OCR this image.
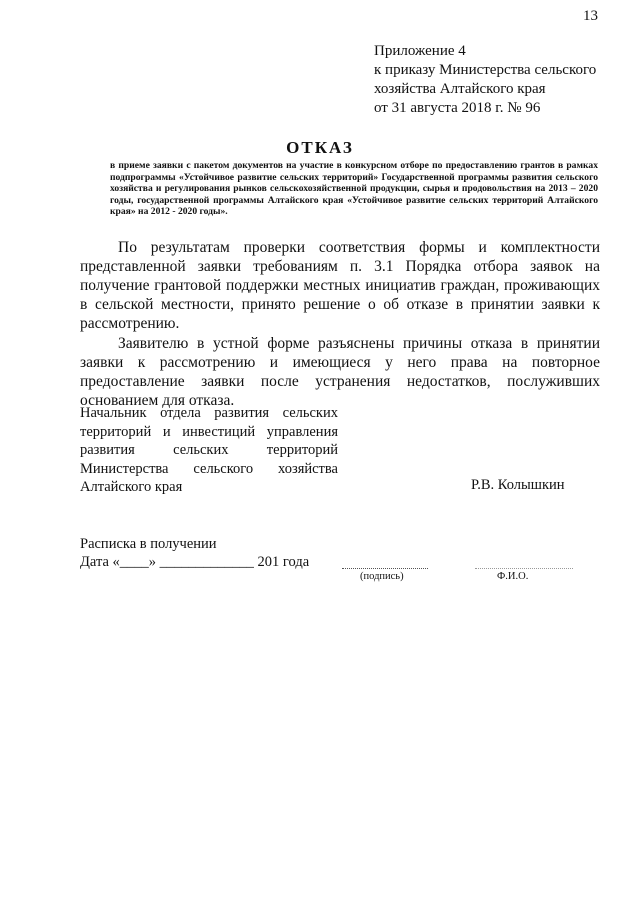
13
Приложение 4
к приказу Министерства сельского
хозяйства Алтайского края
от 31 августа 2018 г. № 96
ОТКАЗ
в приеме заявки с пакетом документов на участие в конкурсном отборе по предоставлению грантов в рамках подпрограммы «Устойчивое развитие сельских территорий» Государственной программы развития сельского хозяйства и регулирования рынков сельскохозяйственной продукции, сырья и продовольствия на 2013 – 2020 годы, государственной программы Алтайского края «Устойчивое развитие сельских территорий Алтайского края» на 2012 - 2020 годы».

По результатам проверки соответствия формы и комплектности представленной заявки требованиям п. 3.1 Порядка отбора заявок на получение грантовой поддержки местных инициатив граждан, проживающих в сельской местности, принято решение о об отказе в принятии заявки к рассмотрению.

Заявителю в устной форме разъяснены причины отказа в принятии заявки к рассмотрению и имеющиеся у него права на повторное предоставление заявки после устранения недостатков, послуживших основанием для отказа.

Начальник отдела развития сельских территорий и инвестиций управления развития сельских территорий Министерства сельского хозяйства Алтайского края	Р.В. Колышкин
Расписка в получении
Дата «____» _____________ 201 года
(подпись)	Ф.И.О.
